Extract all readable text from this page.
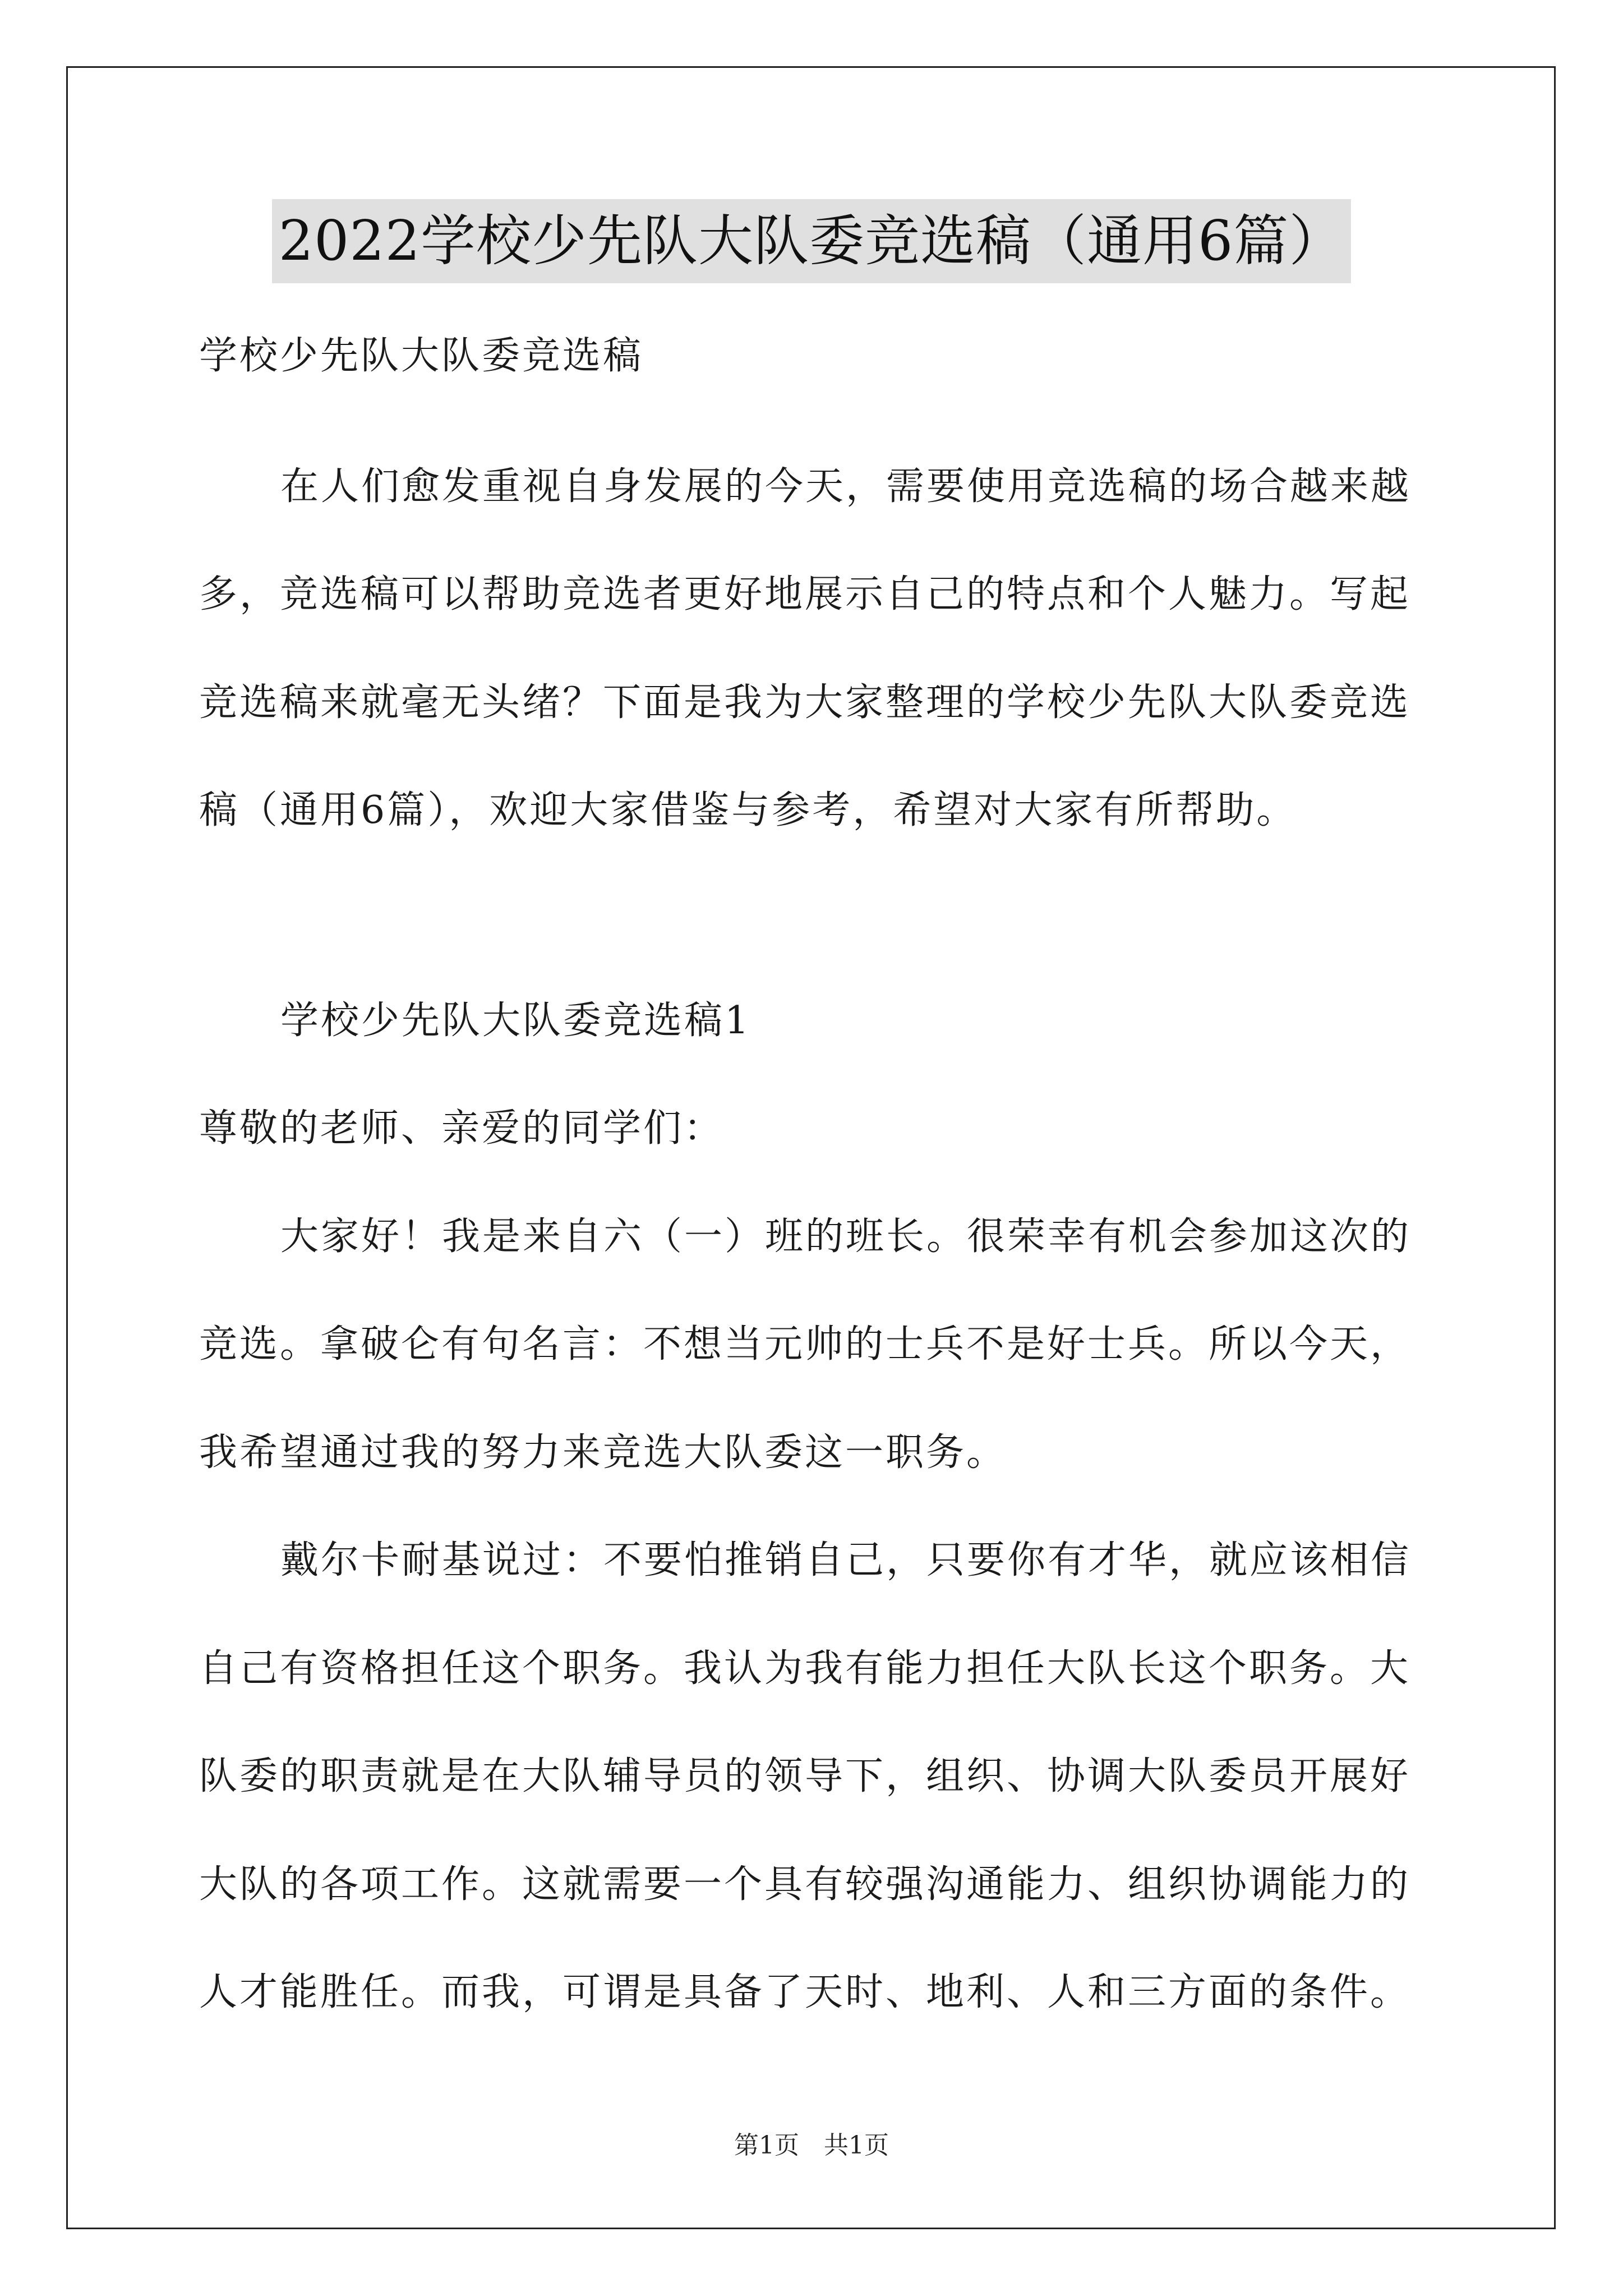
2022学校少先队大队委竞选稿（通用6篇）
学校少先队大队委竞选稿
在人们愈发重视自身发展的今天，需要使用竞选稿的场合越来越
多，竞选稿可以帮助竞选者更好地展示自己的特点和个人魅力。写起
竞选稿来就毫无头绪？下面是我为大家整理的学校少先队大队委竞选
稿（通用6篇），欢迎大家借鉴与参考，希望对大家有所帮助。
学校少先队大队委竞选稿1
尊敬的老师、亲爱的同学们：
大家好！我是来自六（一）班的班长。很荣幸有机会参加这次的
竞选。拿破仑有句名言：不想当元帅的士兵不是好士兵。所以今天，
我希望通过我的努力来竞选大队委这一职务。
戴尔卡耐基说过：不要怕推销自己，只要你有才华，就应该相信
自己有资格担任这个职务。我认为我有能力担任大队长这个职务。大
队委的职责就是在大队辅导员的领导下，组织、协调大队委员开展好
大队的各项工作。这就需要一个具有较强沟通能力、组织协调能力的
人才能胜任。而我，可谓是具备了天时、地利、人和三方面的条件。
第1页　共1页
